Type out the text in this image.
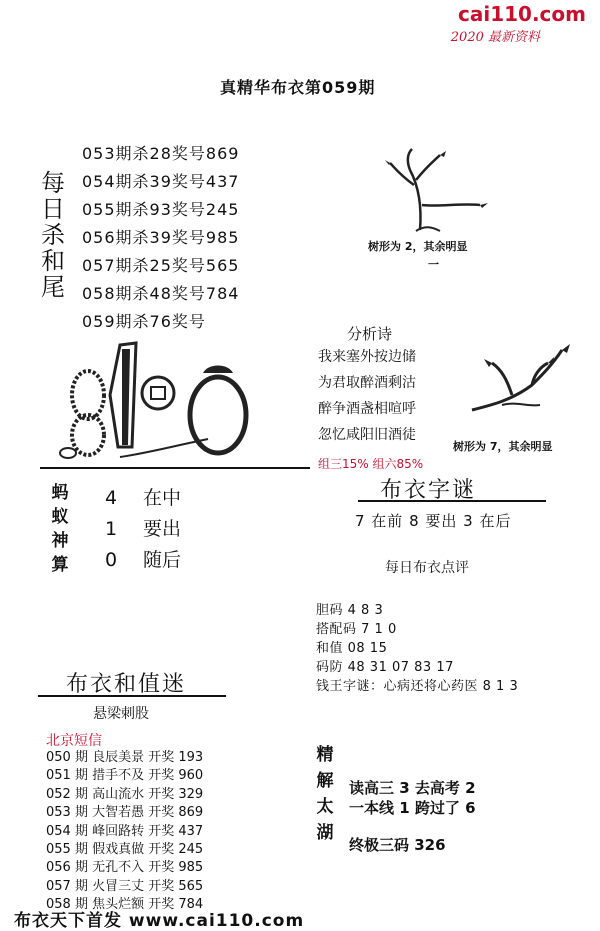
cai110.com
2020 最新资料
真精华布衣第059期
每
日
杀
和
尾
053期杀28奖号869
054期杀39奖号437
055期杀93奖号245
056期杀39奖号985
057期杀25奖号565
058期杀48奖号784
059期杀76奖号
树形为 2，其余明显
一
树形为 7，其余明显
分析诗
我来塞外按边储
为君取醉酒剩沽
醉争酒盏相喧呼
忽忆咸阳旧酒徒
组三15% 组六85%
蚂
蚁
神
算
4 在中
1 要出
0 随后
布衣字谜
7 在前 8 要出 3 在后
每日布衣点评
胆码 4 8 3
搭配码 7 1 0
和值 08 15
码防 48 31 07 83 17
钱王字谜：心病还将心药医 8 1 3
布衣和值迷
悬梁刺股
北京短信
050 期 良辰美景 开奖 193
051 期 措手不及 开奖 960
052 期 高山流水 开奖 329
053 期 大智若愚 开奖 869
054 期 峰回路转 开奖 437
055 期 假戏真做 开奖 245
056 期 无孔不入 开奖 985
057 期 火冒三丈 开奖 565
058 期 焦头烂额 开奖 784
精
解
太
湖
读高三 3 去高考 2
一本线 1 跨过了 6
终极三码 326
布衣天下首发 www.cai110.com
